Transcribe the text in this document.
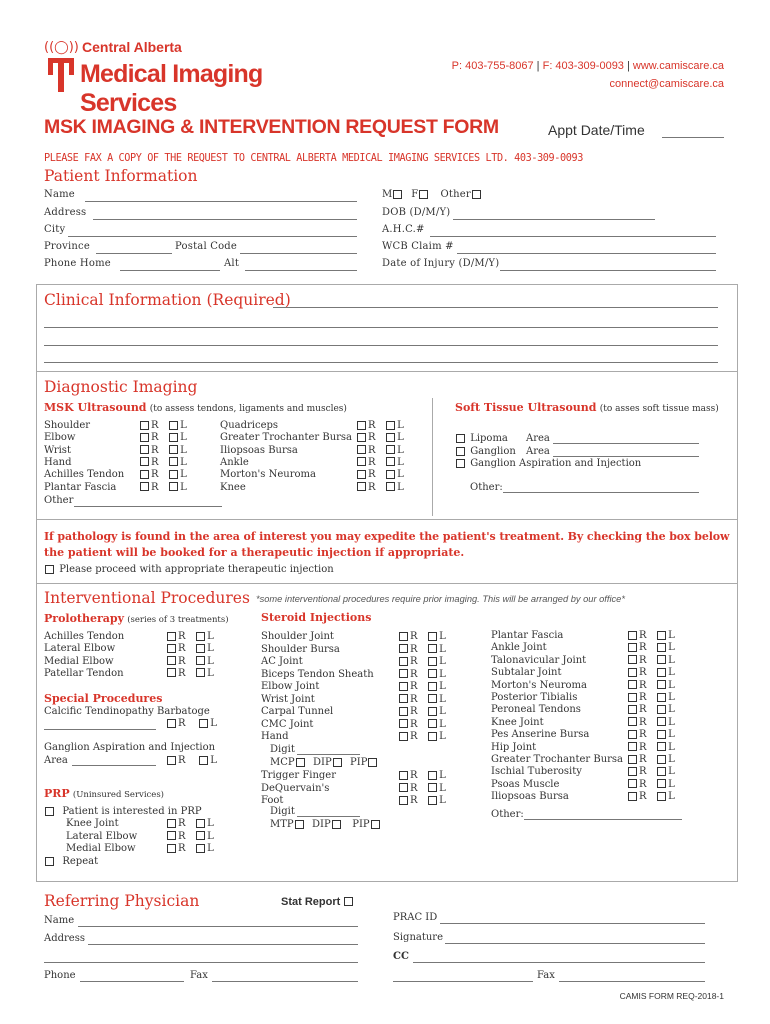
((◯)) Central Alberta
Medical Imaging Services
P: 403-755-8067 | F: 403-309-0093 | www.camiscare.ca
connect@camiscare.ca
MSK IMAGING & INTERVENTION REQUEST FORM	Appt Date/Time
PLEASE FAX A COPY OF THE REQUEST TO CENTRAL ALBERTA MEDICAL IMAGING SERVICES LTD. 403-309-0093
Patient Information
Name
Address
City
Province	Postal Code
Phone Home	Alt
M F Other
DOB (D/M/Y)
A.H.C.#
WCB Claim #
Date of Injury (D/M/Y)
Clinical Information (Required)
Diagnostic Imaging
MSK Ultrasound (to assess tendons, ligaments and muscles)	Soft Tissue Ultrasound (to asses soft tissue mass)
Other
Lipoma Area
Ganglion Area
Ganglion Aspiration and Injection
Other:
If pathology is found in the area of interest you may expedite the patient's treatment. By checking the box below
the patient will be booked for a therapeutic injection if appropriate.
Please proceed with appropriate therapeutic injection
Interventional Procedures *some interventional procedures require prior imaging. This will be arranged by our office*
Prolotherapy (series of 3 treatments)
Special Procedures
Calcific Tendinopathy Barbatoge
R L
Ganglion Aspiration and Injection
Area	R L
PRP (Uninsured Services)
Patient is interested in PRP
Repeat
Steroid Injections
Digit
MCP DIP PIP
Digit
MTP DIP PIP
Other:
Referring Physician	Stat Report
Name
Address
Phone	Fax
PRAC ID
Signature
CC
Fax
CAMIS FORM REQ-2018-1
Shoulder	R L
Elbow	R L
Wrist	R L
Hand	R L
Achilles Tendon	R L
Plantar Fascia	R L
Quadriceps	R L
Greater Trochanter Bursa	R L
Iliopsoas Bursa	R L
Ankle	R L
Morton's Neuroma	R L
Knee	R L
Achilles Tendon	R L
Lateral Elbow	R L
Medial Elbow	R L
Patellar Tendon	R L
Knee Joint	R L
Lateral Elbow	R L
Medial Elbow	R L
Shoulder Joint	R L
Shoulder Bursa	R L
AC Joint	R L
Biceps Tendon Sheath	R L
Elbow Joint	R L
Wrist Joint	R L
Carpal Tunnel	R L
CMC Joint	R L
Hand	R L
Trigger Finger	R L
DeQuervain's	R L
Foot	R L
Plantar Fascia	R L
Ankle Joint	R L
Talonavicular Joint	R L
Subtalar Joint	R L
Morton's Neuroma	R L
Posterior Tibialis	R L
Peroneal Tendons	R L
Knee Joint	R L
Pes Anserine Bursa	R L
Hip Joint	R L
Greater Trochanter Bursa	R L
Ischial Tuberosity	R L
Psoas Muscle	R L
Iliopsoas Bursa	R L
